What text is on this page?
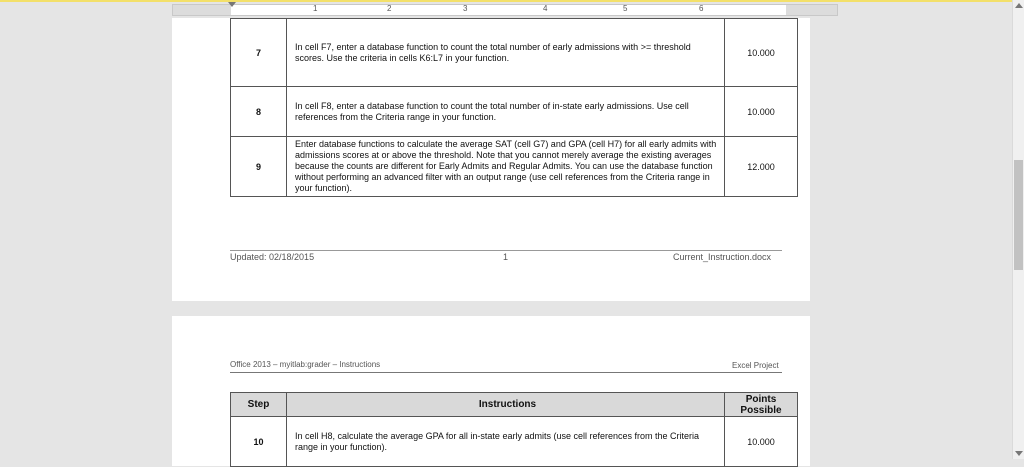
1	2	3	4	5	6
7	In cell F7, enter a database function to count the total number of early admissions with >= threshold scores. Use the criteria in cells K6:L7 in your function.	10.000
8	In cell F8, enter a database function to count the total number of in-state early admissions. Use cell references from the Criteria range in your function.	10.000
9	Enter database functions to calculate the average SAT (cell G7) and GPA (cell H7) for all early admits with admissions scores at or above the threshold. Note that you cannot merely average the existing averages because the counts are different for Early Admits and Regular Admits. You can use the database function without performing an advanced filter with an output range (use cell references from the Criteria range in your function).	12.000
Updated: 02/18/2015	1	Current_Instruction.docx
Office 2013 – myitlab:grader – Instructions	Excel Project
Step	Instructions	Points Possible
10	In cell H8, calculate the average GPA for all in-state early admits (use cell references from the Criteria range in your function).	10.000
